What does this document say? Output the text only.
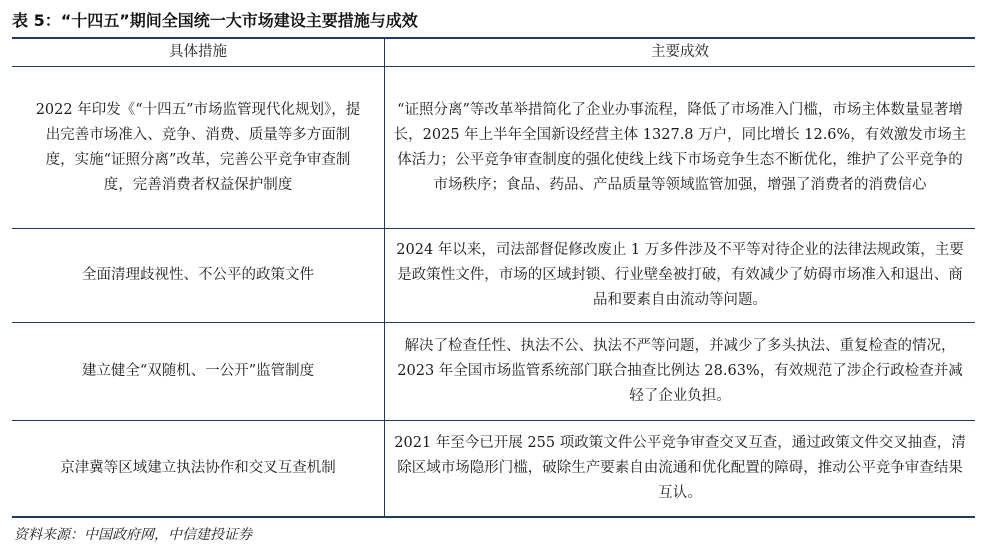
表 5：“十四五”期间全国统一大市场建设主要措施与成效
具体措施	主要成效
2022 年印发《“十四五”市场监管现代化规划》，提出完善市场准入、竞争、消费、质量等多方面制度，实施“证照分离”改革，完善公平竞争审查制度，完善消费者权益保护制度
“证照分离”等改革举措简化了企业办事流程，降低了市场准入门槛，市场主体数量显著增长，2025 年上半年全国新设经营主体 1327.8 万户，同比增长 12.6%，有效激发市场主体活力；公平竞争审查制度的强化使线上线下市场竞争生态不断优化，维护了公平竞争的市场秩序；食品、药品、产品质量等领域监管加强，增强了消费者的消费信心
全面清理歧视性、不公平的政策文件
2024 年以来，司法部督促修改废止 1 万多件涉及不平等对待企业的法律法规政策，主要是政策性文件，市场的区域封锁、行业壁垒被打破，有效减少了妨碍市场准入和退出、商品和要素自由流动等问题。
建立健全“双随机、一公开”监管制度
解决了检查任性、执法不公、执法不严等问题，并减少了多头执法、重复检查的情况，2023 年全国市场监管系统部门联合抽查比例达 28.63%，有效规范了涉企行政检查并减轻了企业负担。
京津冀等区域建立执法协作和交叉互查机制
2021 年至今已开展 255 项政策文件公平竞争审查交叉互查，通过政策文件交叉抽查，清除区域市场隐形门槛，破除生产要素自由流通和优化配置的障碍，推动公平竞争审查结果互认。
资料来源：中国政府网，中信建投证券
